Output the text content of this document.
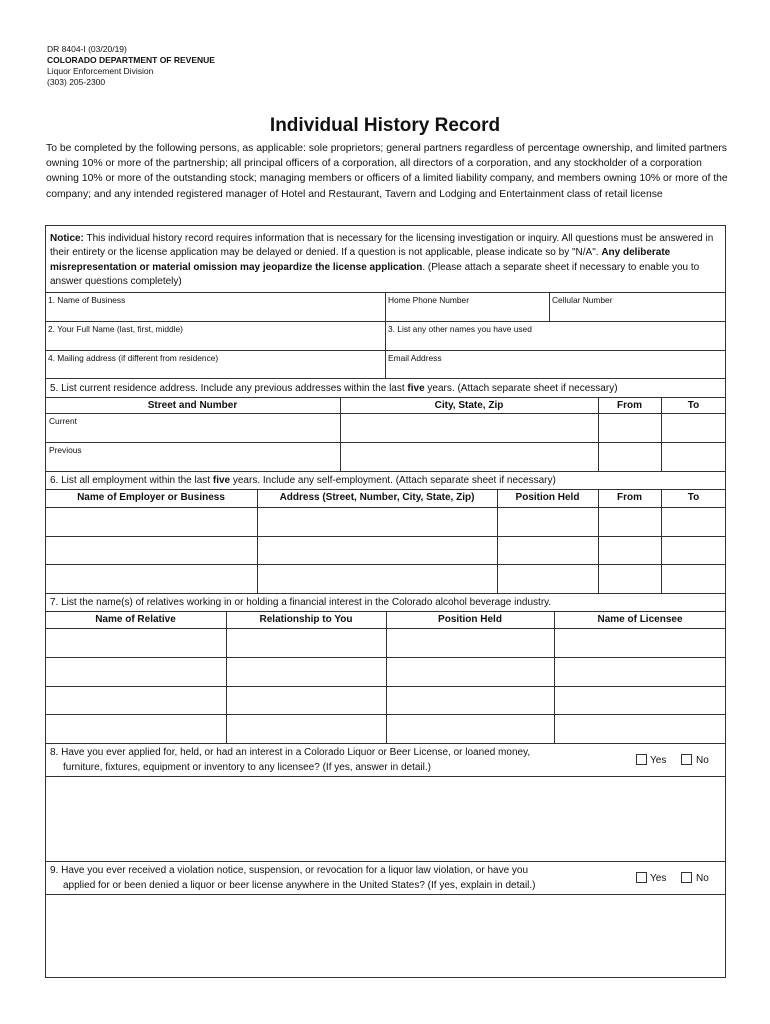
DR 8404-I (03/20/19)
COLORADO DEPARTMENT OF REVENUE
Liquor Enforcement Division
(303) 205-2300
Individual History Record
To be completed by the following persons, as applicable: sole proprietors; general partners regardless of percentage ownership, and limited partners owning 10% or more of the partnership; all principal officers of a corporation, all directors of a corporation, and any stockholder of a corporation owning 10% or more of the outstanding stock; managing members or officers of a limited liability company, and members owning 10% or more of the company; and any intended registered manager of Hotel and Restaurant, Tavern and Lodging and Entertainment class of retail license
Notice: This individual history record requires information that is necessary for the licensing investigation or inquiry. All questions must be answered in their entirety or the license application may be delayed or denied. If a question is not applicable, please indicate so by "N/A". Any deliberate misrepresentation or material omission may jeopardize the license application. (Please attach a separate sheet if necessary to enable you to answer questions completely)
1. Name of Business	Home Phone Number	Cellular Number
2. Your Full Name (last, first, middle)	3. List any other names you have used
4. Mailing address (if different from residence)	Email Address
5. List current residence address. Include any previous addresses within the last five years. (Attach separate sheet if necessary)
Street and Number	City, State, Zip	From	To
Current
Previous
6. List all employment within the last five years. Include any self-employment. (Attach separate sheet if necessary)
Name of Employer or Business	Address (Street, Number, City, State, Zip)	Position Held	From	To
7. List the name(s) of relatives working in or holding a financial interest in the Colorado alcohol beverage industry.
Name of Relative	Relationship to You	Position Held	Name of Licensee
8. Have you ever applied for, held, or had an interest in a Colorado Liquor or Beer License, or loaned money,
furniture, fixtures, equipment or inventory to any licensee? (If yes, answer in detail.)
Yes	No
9. Have you ever received a violation notice, suspension, or revocation for a liquor law violation, or have you
applied for or been denied a liquor or beer license anywhere in the United States? (If yes, explain in detail.)
Yes	No
